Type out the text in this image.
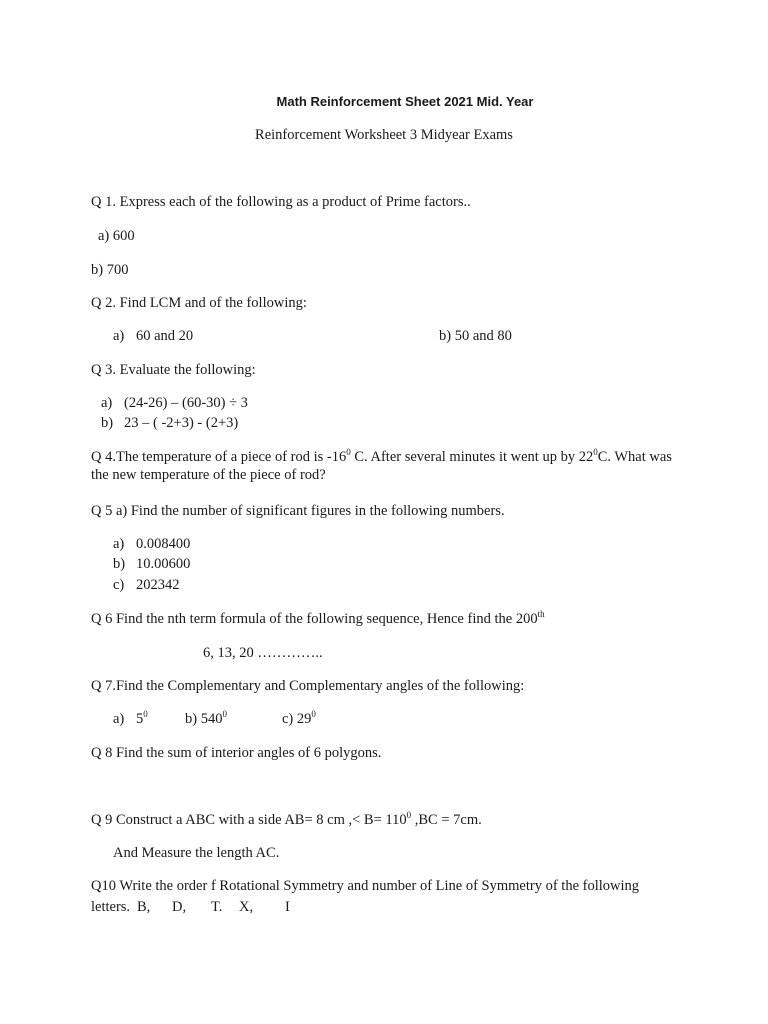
Math Reinforcement Sheet 2021 Mid. Year
Reinforcement Worksheet 3 Midyear Exams
Q 1. Express each of the following as a product of Prime factors..
a) 600
b) 700
Q 2. Find LCM and of the following:
a) 60 and 20	b) 50 and 80
Q 3. Evaluate the following:
a) (24-26) – (60-30) ÷ 3
b) 23 – ( -2+3) - (2+3)
Q 4.The temperature of a piece of rod is $-16^0$ C. After several minutes it went up by $22^0C$. What was the new temperature of the piece of rod?
Q 5 a) Find the number of significant figures in the following numbers.
a) 0.008400
b) 10.00600
c) 202342
Q 6 Find the nth term formula of the following sequence, Hence find the 200th
6, 13, 20 …………..
Q 7.Find the Complementary and Complementary angles of the following:
a) $5^0$	b) $540^0$	c) $29^0$
Q 8 Find the sum of interior angles of 6 polygons.
Q 9 Construct a ABC with a side AB= 8 cm ,< $B= 110^0$ ,BC = 7cm.
And Measure the length AC.
Q10 Write the order f Rotational Symmetry and number of Line of Symmetry of the following
letters. B, D, T. X, I
